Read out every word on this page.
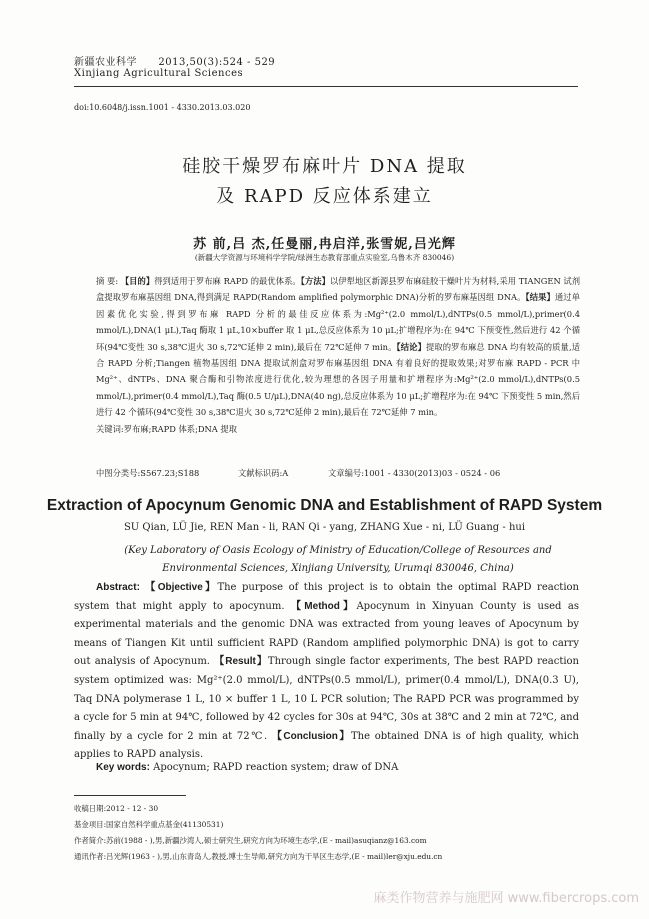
新疆农业科学 2013,50(3):524 - 529
Xinjiang Agricultural Sciences
doi:10.6048/j.issn.1001 - 4330.2013.03.020
硅胶干燥罗布麻叶片 DNA 提取
及 RAPD 反应体系建立
苏 前,吕 杰,任曼丽,冉启洋,张雪妮,吕光辉
(新疆大学资源与环境科学学院/绿洲生态教育部重点实验室,乌鲁木齐 830046)
摘 要: 【目的】得到适用于罗布麻 RAPD 的最优体系。【方法】以伊犁地区新源县罗布麻硅胶干燥叶片为材料,采用 TIANGEN 试剂盒提取罗布麻基因组 DNA,得到满足 RAPD(Random amplified polymorphic DNA)分析的罗布麻基因组 DNA。【结果】通过单因素优化实验,得到罗布麻 RAPD 分析的最佳反应体系为:Mg²⁺(2.0 mmol/L),dNTPs(0.5 mmol/L),primer(0.4 mmol/L),DNA(1 μL),Taq 酶取 1 μL,10×buffer 取 1 μL,总反应体系为 10 μL;扩增程序为:在 94℃ 下预变性,然后进行 42 个循环(94℃变性 30 s,38℃退火 30 s,72℃延伸 2 min),最后在 72℃延伸 7 min。【结论】提取的罗布麻总 DNA 均有较高的质量,适合 RAPD 分析;Tiangen 植物基因组 DNA 提取试剂盒对罗布麻基因组 DNA 有着良好的提取效果;对罗布麻 RAPD - PCR 中 Mg²⁺、dNTPs、DNA 聚合酶和引物浓度进行优化,较为理想的各因子用量和扩增程序为:Mg²⁺(2.0 mmol/L),dNTPs(0.5 mmol/L),primer(0.4 mmol/L),Taq 酶(0.5 U/μL),DNA(40 ng),总反应体系为 10 μL;扩增程序为:在 94℃ 下预变性 5 min,然后进行 42 个循环(94℃变性 30 s,38℃退火 30 s,72℃延伸 2 min),最后在 72℃延伸 7 min。
关键词:罗布麻;RAPD 体系;DNA 提取
中图分类号:S567.23;S188	文献标识码:A	文章编号:1001 - 4330(2013)03 - 0524 - 06
Extraction of Apocynum Genomic DNA and Establishment of RAPD System
SU Qian, LÜ Jie, REN Man - li, RAN Qi - yang, ZHANG Xue - ni, LÜ Guang - hui
(Key Laboratory of Oasis Ecology of Ministry of Education/College of Resources and Environmental Sciences, Xinjiang University, Urumqi 830046, China)
Abstract: 【Objective】The purpose of this project is to obtain the optimal RAPD reaction system that might apply to apocynum. 【Method】Apocynum in Xinyuan County is used as experimental materials and the genomic DNA was extracted from young leaves of Apocynum by means of Tiangen Kit until sufficient RAPD (Random amplified polymorphic DNA) is got to carry out analysis of Apocynum. 【Result】Through single factor experiments, The best RAPD reaction system optimized was: Mg²⁺(2.0 mmol/L), dNTPs(0.5 mmol/L), primer(0.4 mmol/L), DNA(0.3 U), Taq DNA polymerase 1 L, 10 × buffer 1 L, 10 L PCR solution; The RAPD PCR was programmed by a cycle for 5 min at 94℃, followed by 42 cycles for 30s at 94℃, 30s at 38℃ and 2 min at 72℃, and finally by a cycle for 2 min at 72℃. 【Conclusion】The obtained DNA is of high quality, which applies to RAPD analysis.
Key words: Apocynum; RAPD reaction system; draw of DNA
收稿日期:2012 - 12 - 30
基金项目:国家自然科学重点基金(41130531)
作者简介:苏前(1988 - ),男,新疆沙湾人,硕士研究生,研究方向为环境生态学,(E - mail)asuqianz@163.com
通讯作者:吕光辉(1963 - ),男,山东青岛人,教授,博士生导师,研究方向为干旱区生态学,(E - mail)ler@xju.edu.cn
麻类作物营养与施肥网 www.fibercrops.com
